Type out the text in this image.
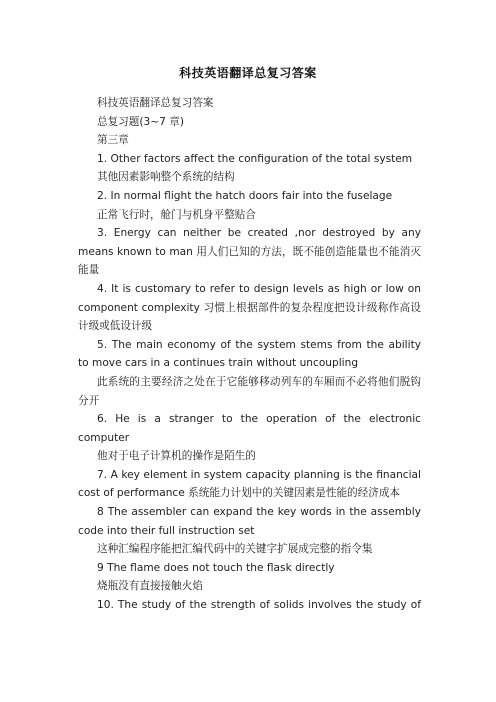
科技英语翻译总复习答案

科技英语翻译总复习答案

总复习题(3~7 章)

第三章

1. Other factors affect the configuration of the total system

其他因素影响整个系统的结构

2. In normal flight the hatch doors fair into the fuselage

正常飞行时，舱门与机身平整贴合

3. Energy can neither be created ,nor destroyed by any means known to man 用人们已知的方法，既不能创造能量也不能消灭能量

4. It is customary to refer to design levels as high or low on component complexity 习惯上根据部件的复杂程度把设计级称作高设计级或低设计级

5. The main economy of the system stems from the ability to move cars in a continues train without uncoupling

此系统的主要经济之处在于它能够移动列车的车厢而不必将他们脱钩分开

6. He is a stranger to the operation of the electronic computer

他对于电子计算机的操作是陌生的

7. A key element in system capacity planning is the financial cost of performance 系统能力计划中的关键因素是性能的经济成本

8 The assembler can expand the key words in the assembly code into their full instruction set

这种汇编程序能把汇编代码中的关键字扩展成完整的指令集

9 The flame does not touch the flask directly

烧瓶没有直接接触火焰

10. The study of the strength of solids involves the study of
